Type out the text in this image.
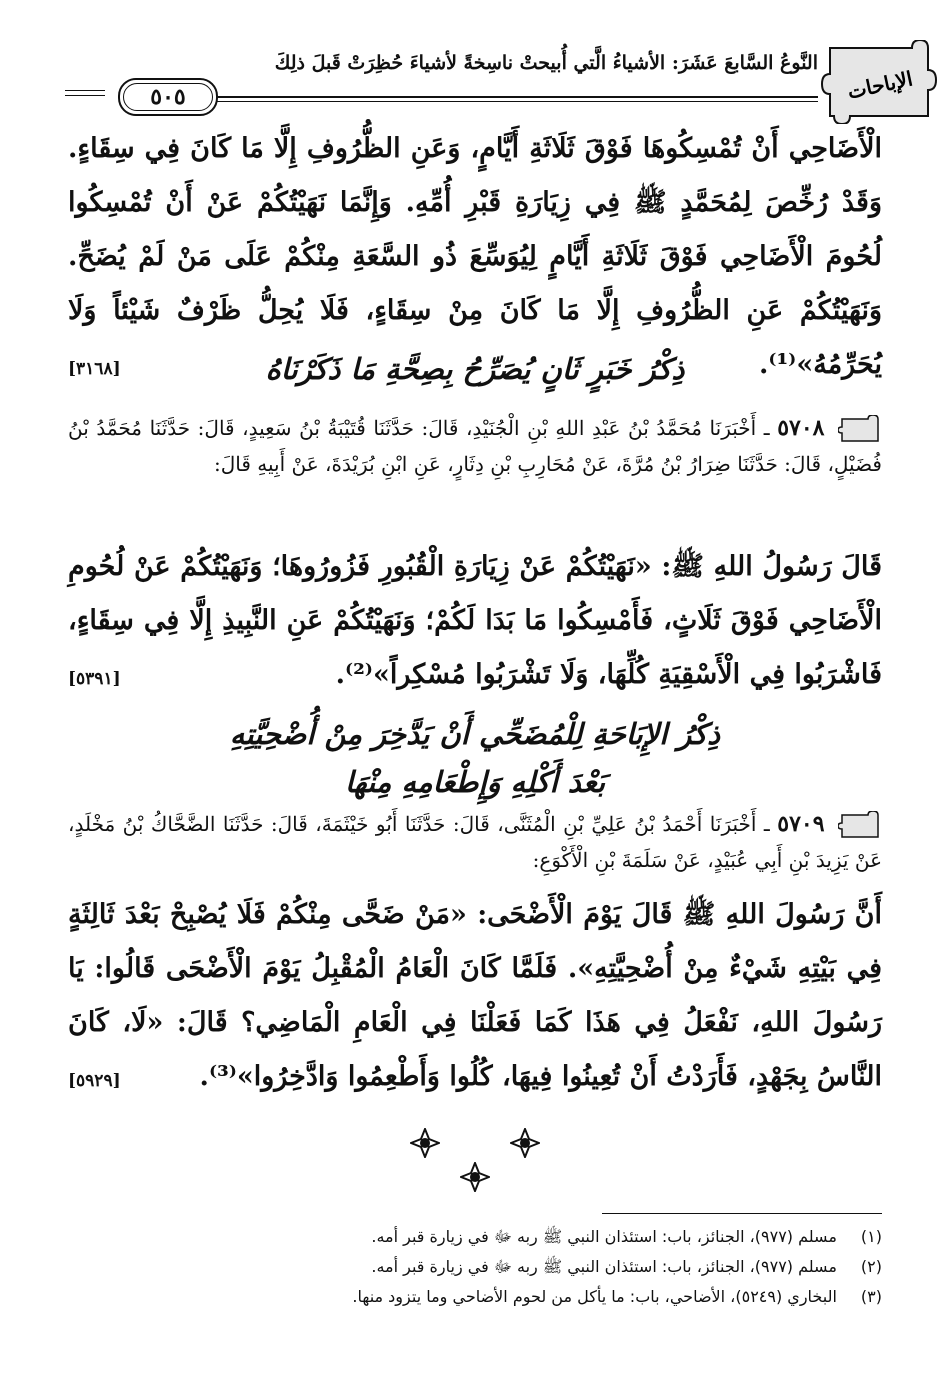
الإباحات
النَّوعُ السَّابعَ عَشَرَ: الأشياءُ الَّتي أُبيحتْ ناسِخةً لأشياءَ حُظِرَتْ قَبلَ ذلِكَ
٥٠٥
الْأَضَاحِي أَنْ تُمْسِكُوهَا فَوْقَ ثَلَاثَةِ أَيَّامٍ، وَعَنِ الظُّرُوفِ إِلَّا مَا كَانَ فِي سِقَاءٍ. وَقَدْ رُخِّصَ لِمُحَمَّدٍ ﷺ فِي زِيَارَةِ قَبْرِ أُمِّهِ. وَإِنَّمَا نَهَيْتُكُمْ عَنْ أَنْ تُمْسِكُوا لُحُومَ الْأَضَاحِي فَوْقَ ثَلَاثَةِ أَيَّامٍ لِيُوَسِّعَ ذُو السَّعَةِ مِنْكُمْ عَلَى مَنْ لَمْ يُضَحِّ. وَنَهَيْتُكُمْ عَنِ الظُّرُوفِ إِلَّا مَا كَانَ مِنْ سِقَاءٍ، فَلَا يُحِلُّ ظَرْفٌ شَيْئاً وَلَا يُحَرِّمُهُ»⁽¹⁾.
[٣١٦٨]	ذِكْرُ خَبَرٍ ثَانٍ يُصَرِّحُ بِصِحَّةِ مَا ذَكَرْنَاهُ
٥٧٠٨ ـ أَخْبَرَنَا مُحَمَّدُ بْنُ عَبْدِ اللهِ بْنِ الْجُنَيْدِ، قَالَ: حَدَّثَنَا قُتَيْبَةُ بْنُ سَعِيدٍ، قَالَ: حَدَّثَنَا مُحَمَّدُ بْنُ فُضَيْلٍ، قَالَ: حَدَّثَنَا ضِرَارُ بْنُ مُرَّةَ، عَنْ مُحَارِبِ بْنِ دِثَارٍ، عَنِ ابْنِ بُرَيْدَةَ، عَنْ أَبِيهِ قَالَ:
قَالَ رَسُولُ اللهِ ﷺ: «نَهَيْتُكُمْ عَنْ زِيَارَةِ الْقُبُورِ فَزُورُوهَا؛ وَنَهَيْتُكُمْ عَنْ لُحُومِ الْأَضَاحِي فَوْقَ ثَلَاثٍ، فَأَمْسِكُوا مَا بَدَا لَكُمْ؛ وَنَهَيْتُكُمْ عَنِ النَّبِيذِ إِلَّا فِي سِقَاءٍ، فَاشْرَبُوا فِي الْأَسْقِيَةِ كُلِّهَا، وَلَا تَشْرَبُوا مُسْكِراً»⁽²⁾.
[٥٣٩١]
ذِكْرُ الإِبَاحَةِ لِلْمُضَحِّي أَنْ يَدَّخِرَ مِنْ أُضْحِيَّتِهِ
بَعْدَ أَكْلِهِ وَإِطْعَامِهِ مِنْهَا
٥٧٠٩ ـ أَخْبَرَنَا أَحْمَدُ بْنُ عَلِيِّ بْنِ الْمُثَنَّى، قَالَ: حَدَّثَنَا أَبُو خَيْثَمَةَ، قَالَ: حَدَّثَنَا الضَّحَّاكُ بْنُ مَخْلَدٍ، عَنْ يَزِيدَ بْنِ أَبِي عُبَيْدٍ، عَنْ سَلَمَةَ بْنِ الْأَكْوَعِ:
أَنَّ رَسُولَ اللهِ ﷺ قَالَ يَوْمَ الْأَضْحَى: «مَنْ ضَحَّى مِنْكُمْ فَلَا يُصْبِحْ بَعْدَ ثَالِثَةٍ فِي بَيْتِهِ شَيْءٌ مِنْ أُضْحِيَّتِهِ». فَلَمَّا كَانَ الْعَامُ الْمُقْبِلُ يَوْمَ الْأَضْحَى قَالُوا: يَا رَسُولَ اللهِ، نَفْعَلُ فِي هَذَا كَمَا فَعَلْنَا فِي الْعَامِ الْمَاضِي؟ قَالَ: «لَا، كَانَ النَّاسُ بِجَهْدٍ، فَأَرَدْتُ أَنْ تُعِينُوا فِيهَا، كُلُوا وَأَطْعِمُوا وَادَّخِرُوا»⁽³⁾.
[٥٩٢٩]
(١) مسلم (٩٧٧)، الجنائز، باب: استئذان النبي ﷺ ربه ﷻ في زيارة قبر أمه.
(٢) مسلم (٩٧٧)، الجنائز، باب: استئذان النبي ﷺ ربه ﷻ في زيارة قبر أمه.
(٣) البخاري (٥٢٤٩)، الأضاحي، باب: ما يأكل من لحوم الأضاحي وما يتزود منها.
